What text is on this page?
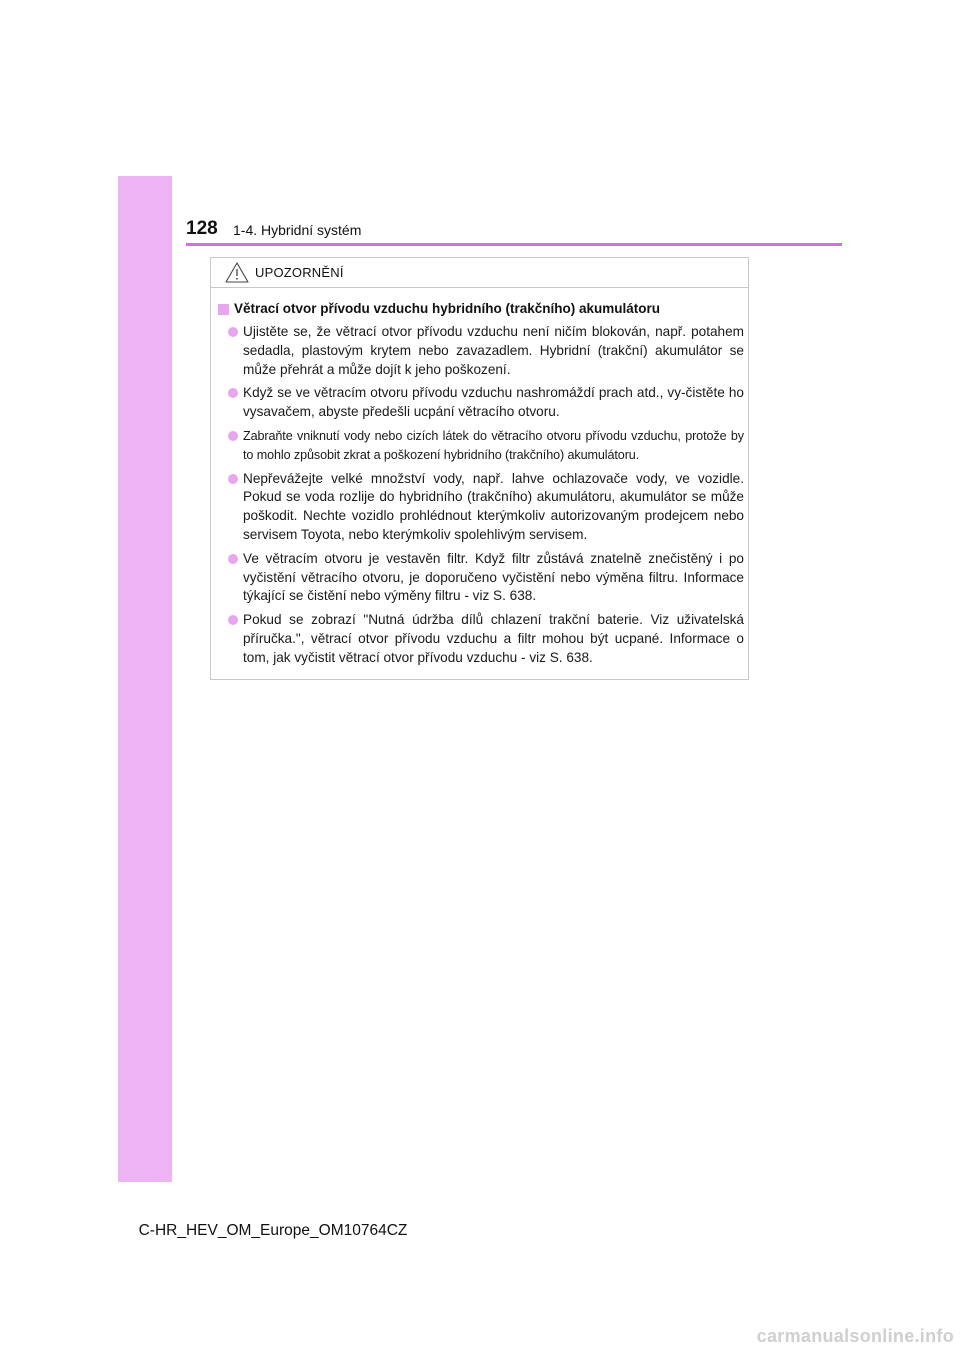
128 1-4. Hybridní systém
UPOZORNĚNÍ
Větrací otvor přívodu vzduchu hybridního (trakčního) akumulátoru
Ujistěte se, že větrací otvor přívodu vzduchu není ničím blokován, např. potahem sedadla, plastovým krytem nebo zavazadlem. Hybridní (trakční) akumulátor se může přehrát a může dojít k jeho poškození.
Když se ve větracím otvoru přívodu vzduchu nashromáždí prach atd., vy-čistěte ho vysavačem, abyste předešli ucpání větracího otvoru.
Zabraňte vniknutí vody nebo cizích látek do větracího otvoru přívodu vzduchu, protože by to mohlo způsobit zkrat a poškození hybridního (trakčního) akumulátoru.
Nepřevážejte velké množství vody, např. lahve ochlazovače vody, ve vozidle. Pokud se voda rozlije do hybridního (trakčního) akumulátoru, akumulátor se může poškodit. Nechte vozidlo prohlédnout kterýmkoliv autorizovaným prodejcem nebo servisem Toyota, nebo kterýmkoliv spolehlivým servisem.
Ve větracím otvoru je vestavěn filtr. Když filtr zůstává znatelně znečistěný i po vyčistění větracího otvoru, je doporučeno vyčistění nebo výměna filtru. Informace týkající se čistění nebo výměny filtru - viz S. 638.
Pokud se zobrazí "Nutná údržba dílů chlazení trakční baterie. Viz uživatelská příručka.", větrací otvor přívodu vzduchu a filtr mohou být ucpané. Informace o tom, jak vyčistit větrací otvor přívodu vzduchu - viz S. 638.
C-HR_HEV_OM_Europe_OM10764CZ
carmanualsonline.info
